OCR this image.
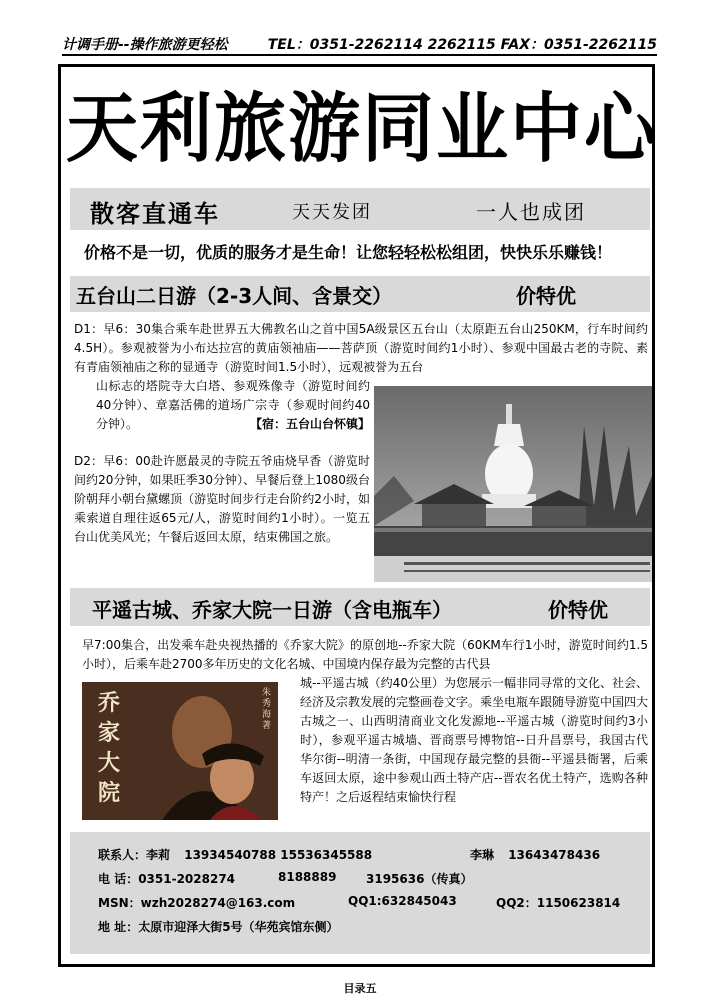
计调手册--操作旅游更轻松	TEL：0351-2262114 2262115 FAX：0351-2262115
天利旅游同业中心
散客直通车	天天发团	一人也成团
价格不是一切，优质的服务才是生命！让您轻轻松松组团，快快乐乐赚钱！
五台山二日游（2-3人间、含景交）	价特优
D1：早6：30集合乘车赴世界五大佛教名山之首中国5A级景区五台山（太原距五台山250KM，行车时间约4.5H）。参观被誉为小布达拉宫的黄庙领袖庙——菩萨顶（游览时间约1小时）、参观中国最古老的寺院、素有青庙领袖庙之称的显通寺（游览时间1.5小时），远观被誉为五台
山标志的塔院寺大白塔、参观殊像寺（游览时间约40分钟）、章嘉活佛的道场广宗寺（参观时间约40分钟）。	【宿：五台山台怀镇】
D2：早6：00赴许愿最灵的寺院五爷庙烧早香（游览时间约20分钟，如果旺季30分钟）、早餐后登上1080级台阶朝拜小朝台黛螺顶（游览时间步行走台阶约2小时，如乘索道自理往返65元/人，游览时间约1小时）。一览五台山优美风光；午餐后返回太原，结束佛国之旅。
平遥古城、乔家大院一日游（含电瓶车）	价特优
早7:00集合，出发乘车赴央视热播的《乔家大院》的原创地--乔家大院（60KM车行1小时，游览时间约1.5小时），后乘车赴2700多年历史的文化名城、中国境内保存最为完整的古代县
城--平遥古城（约40公里）为您展示一幅非同寻常的文化、社会、经济及宗教发展的完整画卷文字。乘坐电瓶车跟随导游览中国四大古城之一、山西明清商业文化发源地--平遥古城（游览时间约3小时），参观平遥古城墙、晋商票号博物馆--日升昌票号，我国古代华尔街--明清一条街，中国现存最完整的县衙--平遥县衙署，后乘车返回太原，途中参观山西土特产店--晋农名优土特产，选购各种特产！之后返程结束愉快行程
乔家大院
朱秀海 著
联系人：李莉 13934540788 15536345588	李琳 13643478436
电 话：0351-2028274	8188889 3195636（传真）
MSN：wzh2028274@163.com	QQ1:632845043	QQ2：1150623814
地 址：太原市迎泽大街5号（华苑宾馆东侧）
目录五
